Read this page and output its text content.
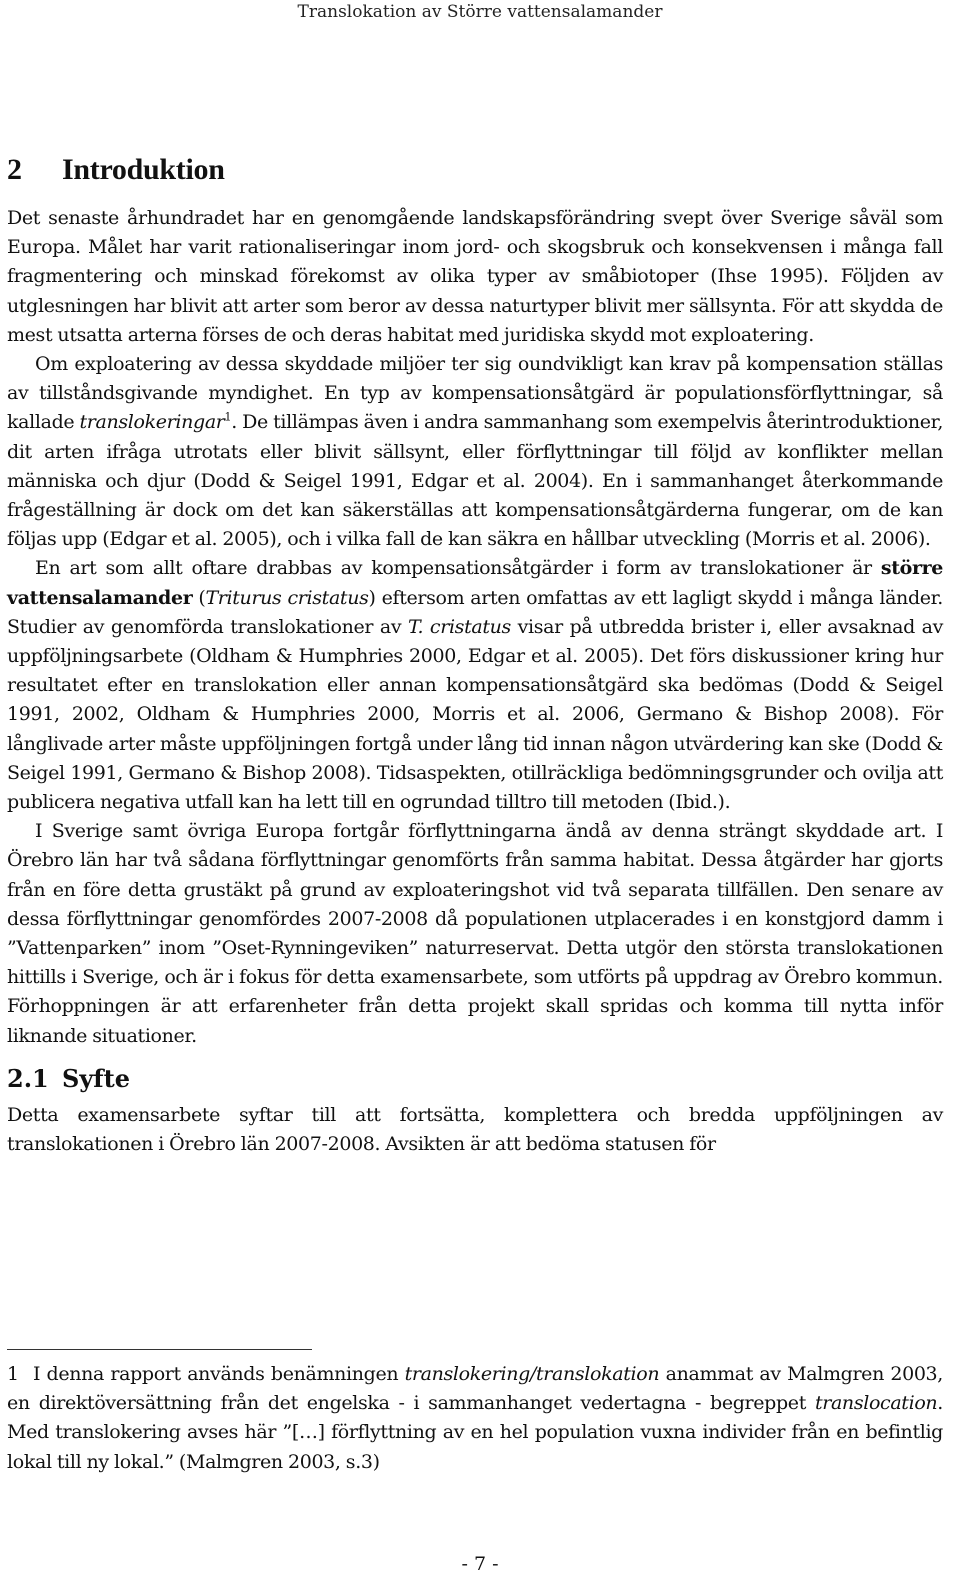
Translokation av Större vattensalamander
2 Introduktion

Det senaste århundradet har en genomgående landskapsförändring svept över Sverige såväl som Europa. Målet har varit rationaliseringar inom jord- och skogsbruk och konsekvensen i många fall fragmentering och minskad förekomst av olika typer av småbiotoper (Ihse 1995). Följden av utglesningen har blivit att arter som beror av dessa naturtyper blivit mer sällsynta. För att skydda de mest utsatta arterna förses de och deras habitat med juridiska skydd mot exploatering.

Om exploatering av dessa skyddade miljöer ter sig oundvikligt kan krav på kompensation ställas av tillståndsgivande myndighet. En typ av kompensationsåtgärd är populationsförflyttningar, så kallade translokeringar$^1$. De tillämpas även i andra sammanhang som exempelvis återintroduktioner, dit arten ifråga utrotats eller blivit sällsynt, eller förflyttningar till följd av konflikter mellan människa och djur (Dodd & Seigel 1991, Edgar et al. 2004). En i sammanhanget återkommande frågeställning är dock om det kan säkerställas att kompensationsåtgärderna fungerar, om de kan följas upp (Edgar et al. 2005), och i vilka fall de kan säkra en hållbar utveckling (Morris et al. 2006).

En art som allt oftare drabbas av kompensationsåtgärder i form av translokationer är större vattensalamander (Triturus cristatus) eftersom arten omfattas av ett lagligt skydd i många länder. Studier av genomförda translokationer av T. cristatus visar på utbredda brister i, eller avsaknad av uppföljningsarbete (Oldham & Humphries 2000, Edgar et al. 2005). Det förs diskussioner kring hur resultatet efter en translokation eller annan kompensationsåtgärd ska bedömas (Dodd & Seigel 1991, 2002, Oldham & Humphries 2000, Morris et al. 2006, Germano & Bishop 2008). För långlivade arter måste uppföljningen fortgå under lång tid innan någon utvärdering kan ske (Dodd & Seigel 1991, Germano & Bishop 2008). Tidsaspekten, otillräckliga bedömningsgrunder och ovilja att publicera negativa utfall kan ha lett till en ogrundad tilltro till metoden (Ibid.).

I Sverige samt övriga Europa fortgår förflyttningarna ändå av denna strängt skyddade art. I Örebro län har två sådana förflyttningar genomförts från samma habitat. Dessa åtgärder har gjorts från en före detta grustäkt på grund av exploateringshot vid två separata tillfällen. Den senare av dessa förflyttningar genomfördes 2007-2008 då populationen utplacerades i en konstgjord damm i ”Vattenparken” inom ”Oset-Rynningeviken” naturreservat. Detta utgör den största translokationen hittills i Sverige, och är i fokus för detta examensarbete, som utförts på uppdrag av Örebro kommun. Förhoppningen är att erfarenheter från detta projekt skall spridas och komma till nytta inför liknande situationer.

2.1 Syfte

Detta examensarbete syftar till att fortsätta, komplettera och bredda uppföljningen av translokationen i Örebro län 2007-2008. Avsikten är att bedöma statusen för

1 I denna rapport används benämningen translokering/translokation anammat av Malmgren 2003, en direktöversättning från det engelska - i sammanhanget vedertagna - begreppet translocation. Med translokering avses här ”[…] förflyttning av en hel population vuxna individer från en befintlig lokal till ny lokal.” (Malmgren 2003, s.3)
- 7 -
